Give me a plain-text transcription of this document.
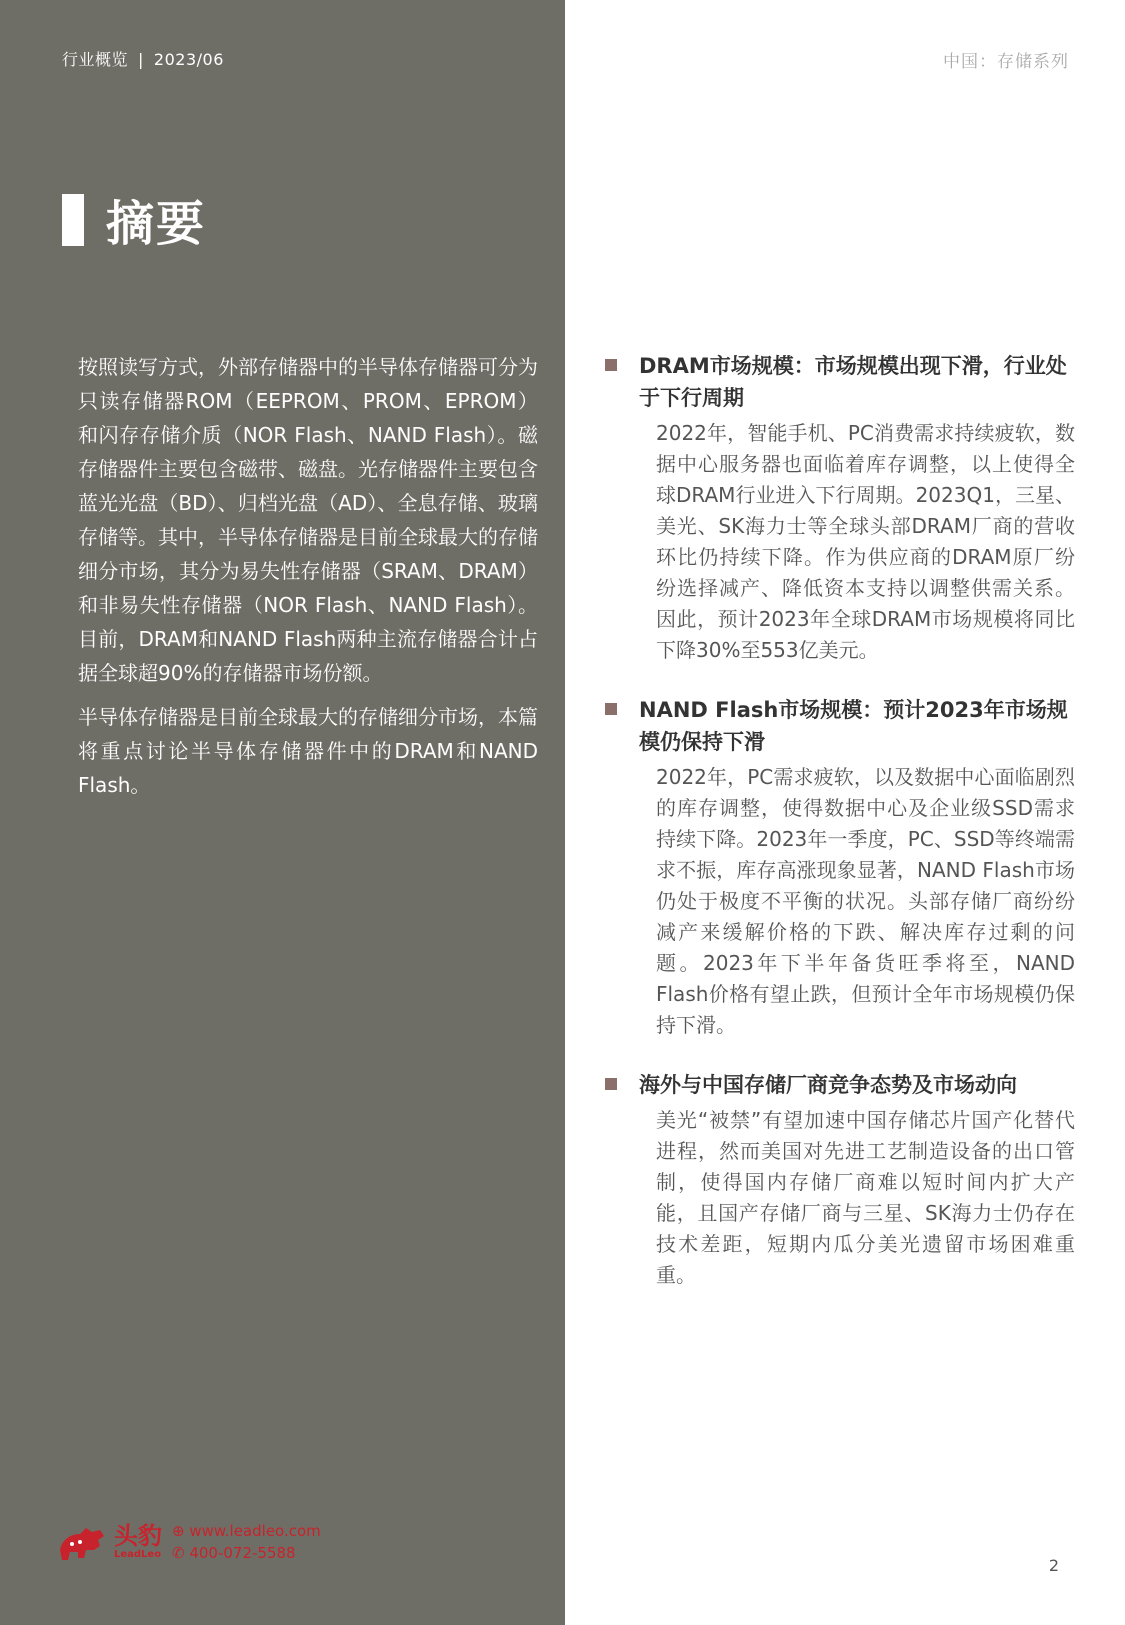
行业概览 | 2023/06	中国：存储系列
摘要

按照读写方式，外部存储器中的半导体存储器可分为只读存储器ROM（EEPROM、PROM、EPROM）和闪存存储介质（NOR Flash、NAND Flash）。磁存储器件主要包含磁带、磁盘。光存储器件主要包含蓝光光盘（BD）、归档光盘（AD）、全息存储、玻璃存储等。其中，半导体存储器是目前全球最大的存储细分市场，其分为易失性存储器（SRAM、DRAM）和非易失性存储器（NOR Flash、NAND Flash）。目前，DRAM和NAND Flash两种主流存储器合计占据全球超90%的存储器市场份额。

半导体存储器是目前全球最大的存储细分市场，本篇将重点讨论半导体存储器件中的DRAM和NAND Flash。

DRAM市场规模：市场规模出现下滑，行业处于下行周期
2022年，智能手机、PC消费需求持续疲软，数据中心服务器也面临着库存调整，以上使得全球DRAM行业进入下行周期。2023Q1，三星、美光、SK海力士等全球头部DRAM厂商的营收环比仍持续下降。作为供应商的DRAM原厂纷纷选择减产、降低资本支持以调整供需关系。因此，预计2023年全球DRAM市场规模将同比下降30%至553亿美元。
NAND Flash市场规模：预计2023年市场规模仍保持下滑
2022年，PC需求疲软，以及数据中心面临剧烈的库存调整，使得数据中心及企业级SSD需求持续下降。2023年一季度，PC、SSD等终端需求不振，库存高涨现象显著，NAND Flash市场仍处于极度不平衡的状况。头部存储厂商纷纷减产来缓解价格的下跌、解决库存过剩的问题。2023年下半年备货旺季将至，NAND Flash价格有望止跌，但预计全年市场规模仍保持下滑。
海外与中国存储厂商竞争态势及市场动向
美光“被禁”有望加速中国存储芯片国产化替代进程，然而美国对先进工艺制造设备的出口管制，使得国内存储厂商难以短时间内扩大产能，且国产存储厂商与三星、SK海力士仍存在技术差距，短期内瓜分美光遗留市场困难重重。
头豹
LeadLeo
⊕ www.leadleo.com
✆ 400-072-5588
2
